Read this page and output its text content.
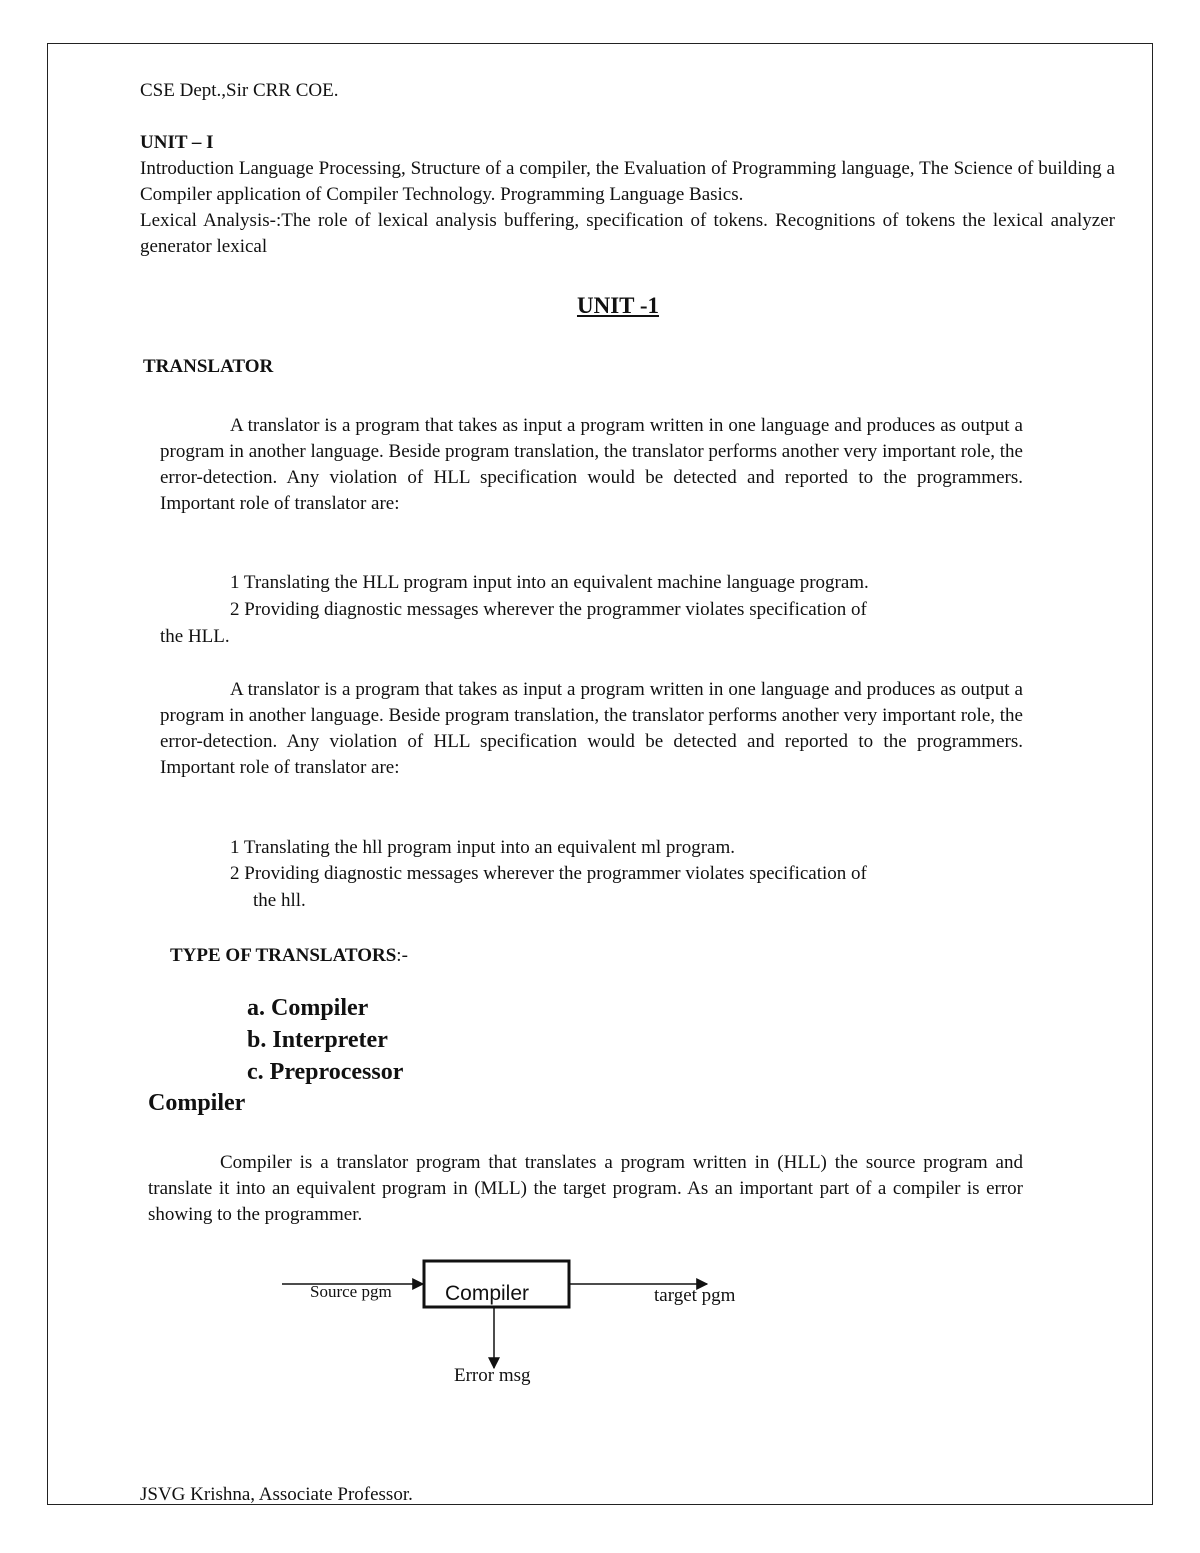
CSE Dept.,Sir CRR COE.
UNIT – I

Introduction Language Processing, Structure of a compiler, the Evaluation of Programming language, The Science of building a Compiler application of Compiler Technology. Programming Language Basics.

Lexical Analysis-:The role of lexical analysis buffering, specification of tokens. Recognitions of tokens the lexical analyzer generator lexical

UNIT -1
TRANSLATOR

A translator is a program that takes as input a program written in one language and produces as output a program in another language. Beside program translation, the translator performs another very important role, the error-detection. Any violation of HLL specification would be detected and reported to the programmers. Important role of translator are:

1 Translating the HLL program input into an equivalent machine language program.
2 Providing diagnostic messages wherever the programmer violates specification of
the HLL.

A translator is a program that takes as input a program written in one language and produces as output a program in another language. Beside program translation, the translator performs another very important role, the error-detection. Any violation of HLL specification would be detected and reported to the programmers. Important role of translator are:

1 Translating the hll program input into an equivalent ml program.
2 Providing diagnostic messages wherever the programmer violates specification of
the hll.
TYPE OF TRANSLATORS:-
a. Compiler
b. Interpreter
c. Preprocessor
Compiler

Compiler is a translator program that translates a program written in (HLL) the source program and translate it into an equivalent program in (MLL) the target program. As an important part of a compiler is error showing to the programmer.

Source pgm	Compiler	target pgm
Error msg
JSVG Krishna, Associate Professor.
